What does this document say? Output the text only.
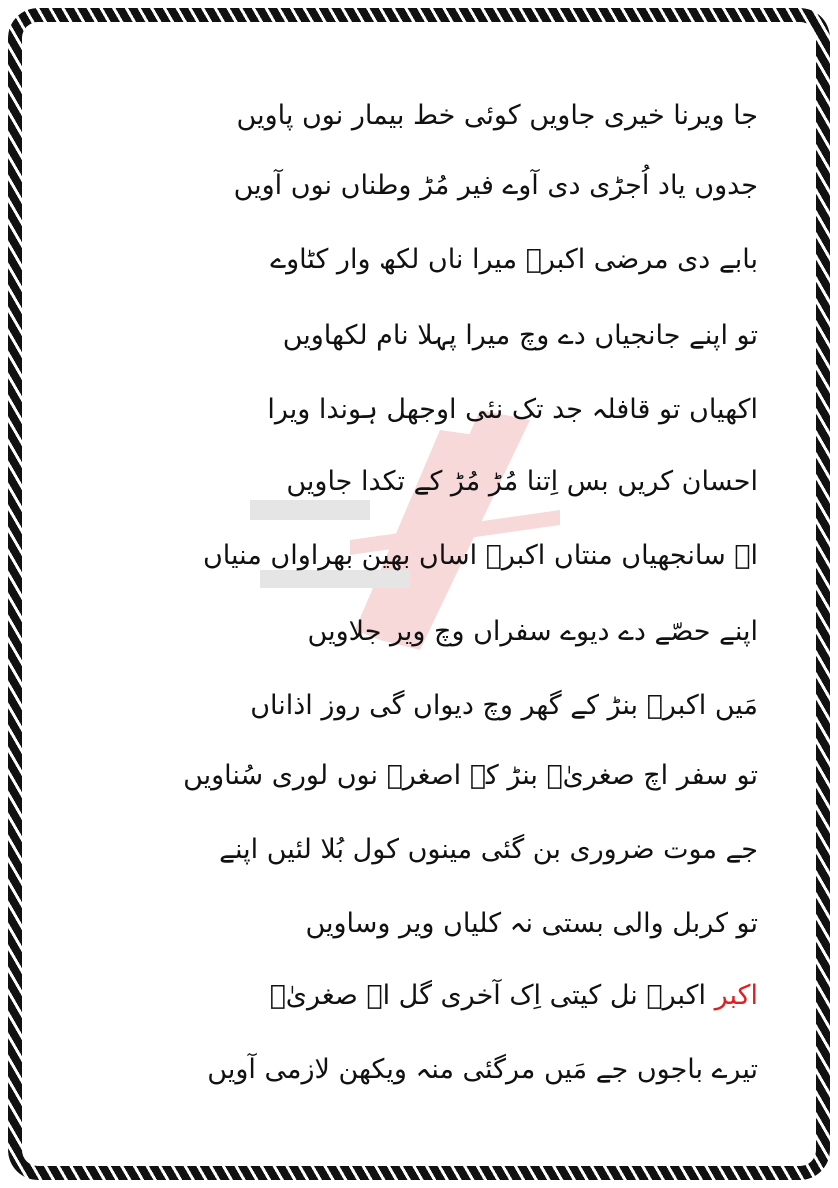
جا ویرنا خیری جاویں کوئی خط بیمار نوں پاویں
جدوں یاد اُجڑی دی آوے فیر مُڑ وطناں نوں آویں
بابے دی مرضی اکبرؑ میرا ناں لکھ وار کٹاوے
تو اپنے جانجیاں دے وچ میرا پہلا نام لکھاویں
اکھیاں تو قافلہ جد تک نئی اوجھل ہوندا ویرا
احسان کریں بس اِتنا مُڑ مُڑ کے تکدا جاویں
اے سانجھیاں منتاں اکبرؑ اساں بھین بھراواں منیاں
اپنے حصّے دے دیوے سفراں وچ ویر جلاویں
مَیں اکبرؑ بنڑ کے گھر وچ دیواں گی روز اذاناں
تو سفر اچ صغریٰؑ بنڑ کے اصغرؑ نوں لوری سُناویں
جے موت ضروری بن گئی مینوں کول بُلا لئیں اپنے
تو کربل والی بستی نہ کلیاں ویر وساویں
اکبر اکبرؑ نل کیتی اِک آخری گل اے صغریٰؑ
تیرے باجوں جے مَیں مرگئی منہ ویکھن لازمی آویں
